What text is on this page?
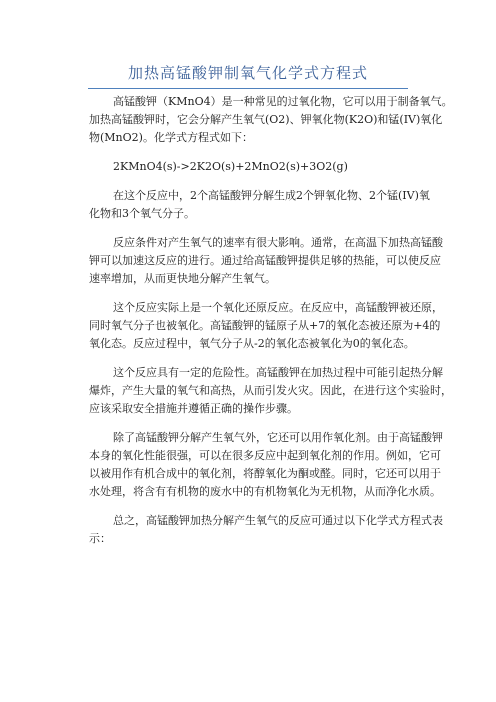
加热高锰酸钾制氧气化学式方程式
高锰酸钾（KMnO4）是一种常见的过氧化物，它可以用于制备氧气。
加热高锰酸钾时，它会分解产生氧气(O2)、钾氧化物(K2O)和锰(IV)氧化
物(MnO2)。化学式方程式如下：
2KMnO4(s)->2K2O(s)+2MnO2(s)+3O2(g)
在这个反应中，2个高锰酸钾分解生成2个钾氧化物、2个锰(IV)氧
化物和3个氧气分子。
反应条件对产生氧气的速率有很大影响。通常，在高温下加热高锰酸
钾可以加速这反应的进行。通过给高锰酸钾提供足够的热能，可以使反应
速率增加，从而更快地分解产生氧气。
这个反应实际上是一个氧化还原反应。在反应中，高锰酸钾被还原，
同时氧气分子也被氧化。高锰酸钾的锰原子从+7的氧化态被还原为+4的
氧化态。反应过程中，氧气分子从-2的氧化态被氧化为0的氧化态。
这个反应具有一定的危险性。高锰酸钾在加热过程中可能引起热分解
爆炸，产生大量的氧气和高热，从而引发火灾。因此，在进行这个实验时，
应该采取安全措施并遵循正确的操作步骤。
除了高锰酸钾分解产生氧气外，它还可以用作氧化剂。由于高锰酸钾
本身的氧化性能很强，可以在很多反应中起到氧化剂的作用。例如，它可
以被用作有机合成中的氧化剂，将醇氧化为酮或醛。同时，它还可以用于
水处理，将含有有机物的废水中的有机物氧化为无机物，从而净化水质。
总之，高锰酸钾加热分解产生氧气的反应可通过以下化学式方程式表
示：
